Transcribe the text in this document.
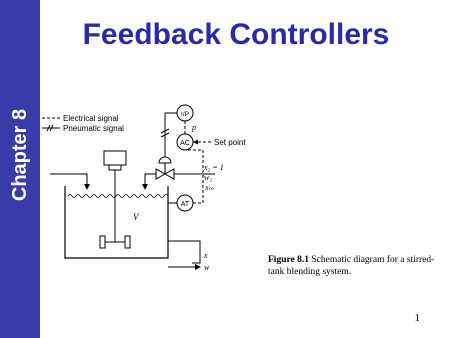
Chapter 8
Feedback Controllers
Electrical signal
Pneumatic signal
V
x₂ = 1
w₂
x
w
AT
AC	Set point
xₘ
I/P
p
Figure 8.1 Schematic diagram for a stirred-tank blending system.
1
